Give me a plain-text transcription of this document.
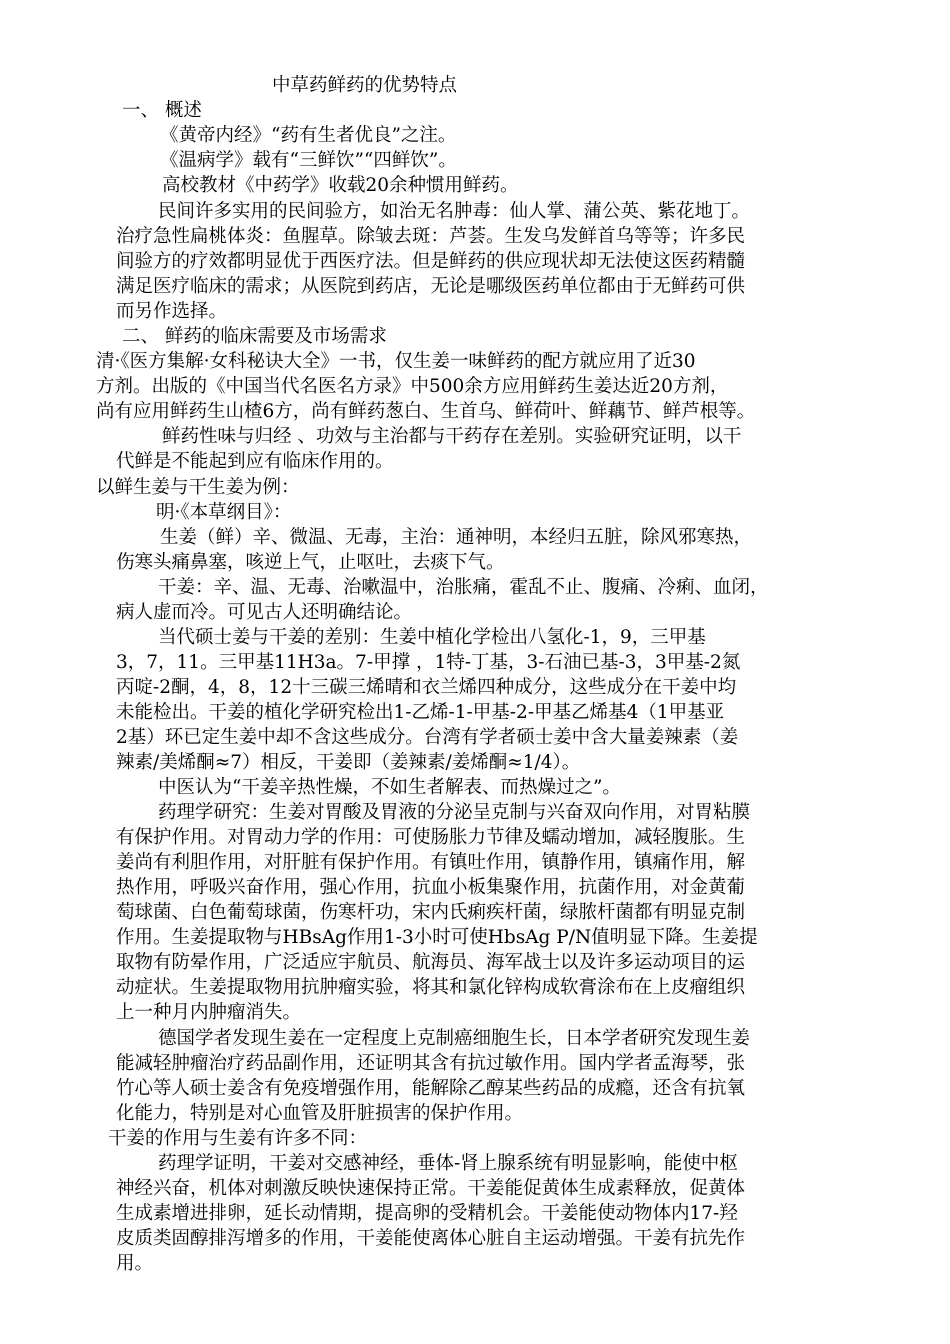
中草药鲜药的优势特点
一、 概述
《黄帝内经》“药有生者优良”之注。
《温病学》载有“三鲜饮”“四鲜饮”。
高校教材《中药学》收载20余种惯用鲜药。
民间许多实用的民间验方，如治无名肿毒：仙人掌、蒲公英、紫花地丁。
治疗急性扁桃体炎：鱼腥草。除皱去斑：芦荟。生发乌发鲜首乌等等；许多民
间验方的疗效都明显优于西医疗法。但是鲜药的供应现状却无法使这医药精髓
满足医疗临床的需求；从医院到药店，无论是哪级医药单位都由于无鲜药可供
而另作选择。
二、 鲜药的临床需要及市场需求
清·《医方集解·女科秘诀大全》一书，仅生姜一味鲜药的配方就应用了近30
方剂。出版的《中国当代名医名方录》中500余方应用鲜药生姜达近20方剂，
尚有应用鲜药生山楂6方，尚有鲜药葱白、生首乌、鲜荷叶、鲜藕节、鲜芦根等。
鲜药性味与归经 、功效与主治都与干药存在差别。实验研究证明，以干
代鲜是不能起到应有临床作用的。
以鲜生姜与干生姜为例：
明·《本草纲目》：
生姜（鲜）辛、微温、无毒，主治：通神明，本经归五脏，除风邪寒热，
伤寒头痛鼻塞，咳逆上气，止呕吐，去痰下气。
干姜：辛、温、无毒、治嗽温中，治胀痛，霍乱不止、腹痛、冷痢、血闭，
病人虚而冷。可见古人还明确结论。
当代硕士姜与干姜的差别：生姜中植化学检出八氢化-1，9，三甲基
3，7，11。三甲基11H3a。7-甲撑 ，1特-丁基，3-石油已基-3，3甲基-2氮
丙啶-2酮，4，8，12十三碳三烯晴和衣兰烯四种成分，这些成分在干姜中均
未能检出。干姜的植化学研究检出1-乙烯-1-甲基-2-甲基乙烯基4（1甲基亚
2基）环已定生姜中却不含这些成分。台湾有学者硕士姜中含大量姜辣素（姜
辣素/美烯酮≈7）相反，干姜即（姜辣素/姜烯酮≈1/4）。
中医认为“干姜辛热性燥，不如生者解表、而热燥过之”。
药理学研究：生姜对胃酸及胃液的分泌呈克制与兴奋双向作用，对胃粘膜
有保护作用。对胃动力学的作用：可使肠胀力节律及蠕动增加，减轻腹胀。生
姜尚有利胆作用，对肝脏有保护作用。有镇吐作用，镇静作用，镇痛作用，解
热作用，呼吸兴奋作用，强心作用，抗血小板集聚作用，抗菌作用，对金黄葡
萄球菌、白色葡萄球菌，伤寒杆功，宋内氏痢疾杆菌，绿脓杆菌都有明显克制
作用。生姜提取物与HBsAg作用1-3小时可使HbsAg P/N值明显下降。生姜提
取物有防晕作用，广泛适应宇航员、航海员、海军战士以及许多运动项目的运
动症状。生姜提取物用抗肿瘤实验，将其和氯化锌构成软膏涂布在上皮瘤组织
上一种月内肿瘤消失。
德国学者发现生姜在一定程度上克制癌细胞生长，日本学者研究发现生姜
能减轻肿瘤治疗药品副作用，还证明其含有抗过敏作用。国内学者孟海琴，张
竹心等人硕士姜含有免疫增强作用，能解除乙醇某些药品的成瘾，还含有抗氧
化能力，特别是对心血管及肝脏损害的保护作用。
干姜的作用与生姜有许多不同：
药理学证明，干姜对交感神经，垂体-肾上腺系统有明显影响，能使中枢
神经兴奋，机体对刺激反映快速保持正常。干姜能促黄体生成素释放，促黄体
生成素增进排卵，延长动情期，提高卵的受精机会。干姜能使动物体内17-羟
皮质类固醇排泻增多的作用，干姜能使离体心脏自主运动增强。干姜有抗先作
用。
